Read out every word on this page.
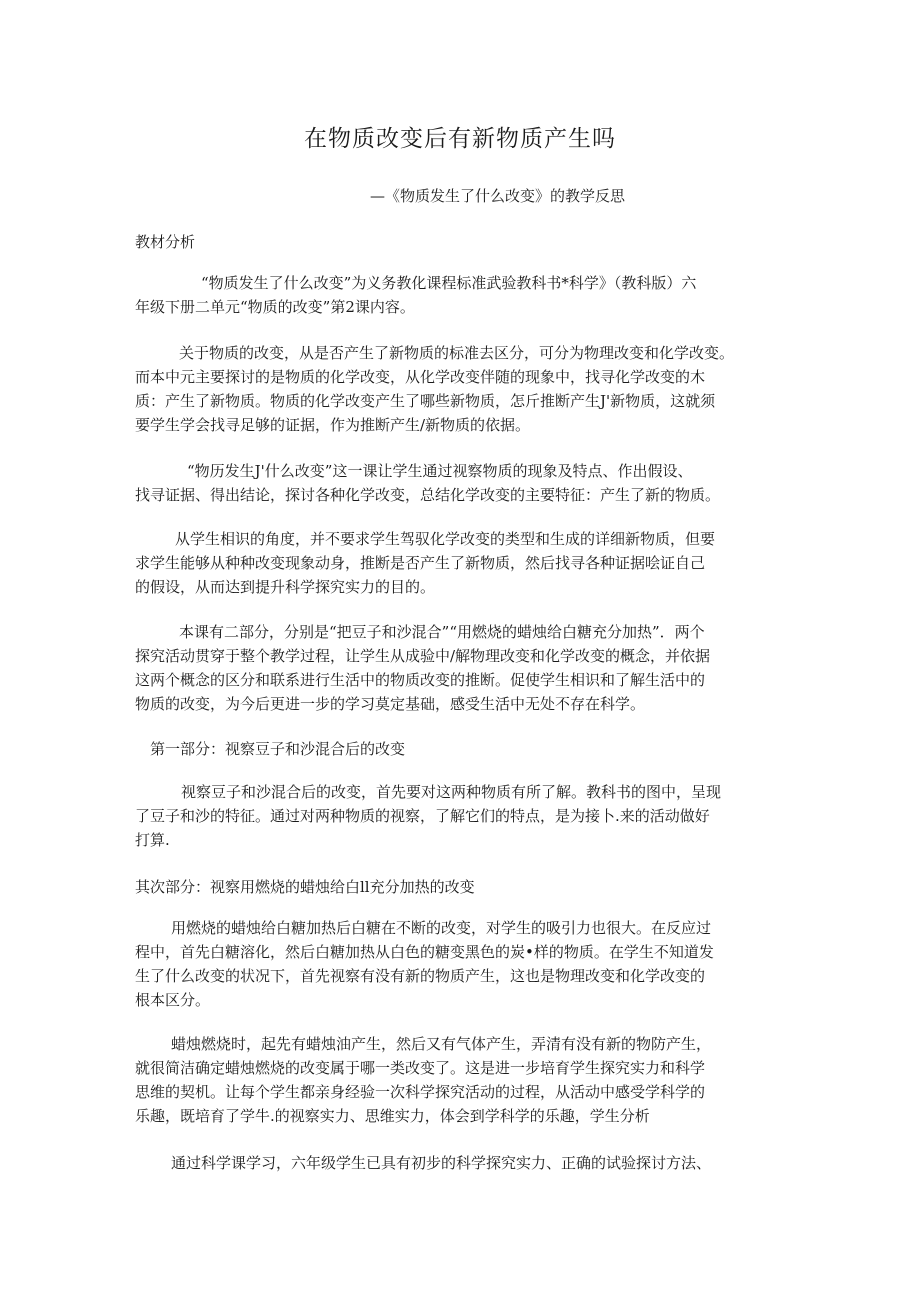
在物质改变后有新物质产生吗

—《物质发生了什么改变》的教学反思

教材分析

“物质发生了什么改变”为义务教化课程标准武验教科书*科学》（教科版）六
年级下册二单元“物质的改变”第2课内容。
关于物质的改变，从是否产生了新物质的标准去区分，可分为物理改变和化学改变。
而本中元主要探讨的是物质的化学改变，从化学改变伴随的现象中，找寻化学改变的木
质：产生了新物质。物质的化学改变产生了哪些新物质，怎斤推断产生J'新物质，这就须
要学生学会找寻足够的证据，作为推断产生/新物质的依据。
“物历发生J'什么改变”这一课让学生通过视察物质的现象及特点、作出假设、
找寻证据、得出结论，探讨各种化学改变，总结化学改变的主要特征：产生了新的物质。
从学生相识的角度，并不要求学生驾驭化学改变的类型和生成的详细新物质，但要
求学生能够从种种改变现象动身，推断是否产生了新物质，然后找寻各种证据哙证自己
的假设，从而达到提升科学探究实力的目的。
本课有二部分，分别是“把豆子和沙混合”“用燃烧的蜡烛给白糖充分加热”．两个
探究活动贯穿于整个教学过程，让学生从成验中/解物理改变和化学改变的概念，并依据
这两个概念的区分和联系进行生活中的物质改变的推断。促使学生相识和了解生活中的
物质的改变，为今后更进一步的学习莫定基础，感受生活中无处不存在科学。

第一部分：视察豆子和沙混合后的改变

视察豆子和沙混合后的改变，首先要对这两种物质有所了解。教科书的图中，呈现
了豆子和沙的特征。通过对两种物质的视察，了解它们的特点，是为接卜.来的活动做好
打算.

其次部分：视察用燃烧的蜡烛给白ll充分加热的改变

用燃烧的蜡烛给白糖加热后白糖在不断的改变，对学生的吸引力也很大。在反应过
程中，首先白糖溶化，然后白糖加热从白色的糖变黑色的炭•样的物质。在学生不知道发
生了什么改变的状况下，首先视察有没有新的物质产生，这也是物理改变和化学改变的
根本区分。
蜡烛燃烧时，起先有蜡烛油产生，然后又有气体产生，弄清有没有新的物防产生，
就很简洁确定蜡烛燃烧的改变属于哪一类改变了。这是进一步培育学生探究实力和科学
思维的契机。让每个学生都亲身经验一次科学探究活动的过程，从活动中感受学科学的
乐趣，既培育了学牛.的视察实力、思维实力，体会到学科学的乐趣，学生分析
通过科学课学习，六年级学生已具有初步的科学探究实力、正确的试验探讨方法、
